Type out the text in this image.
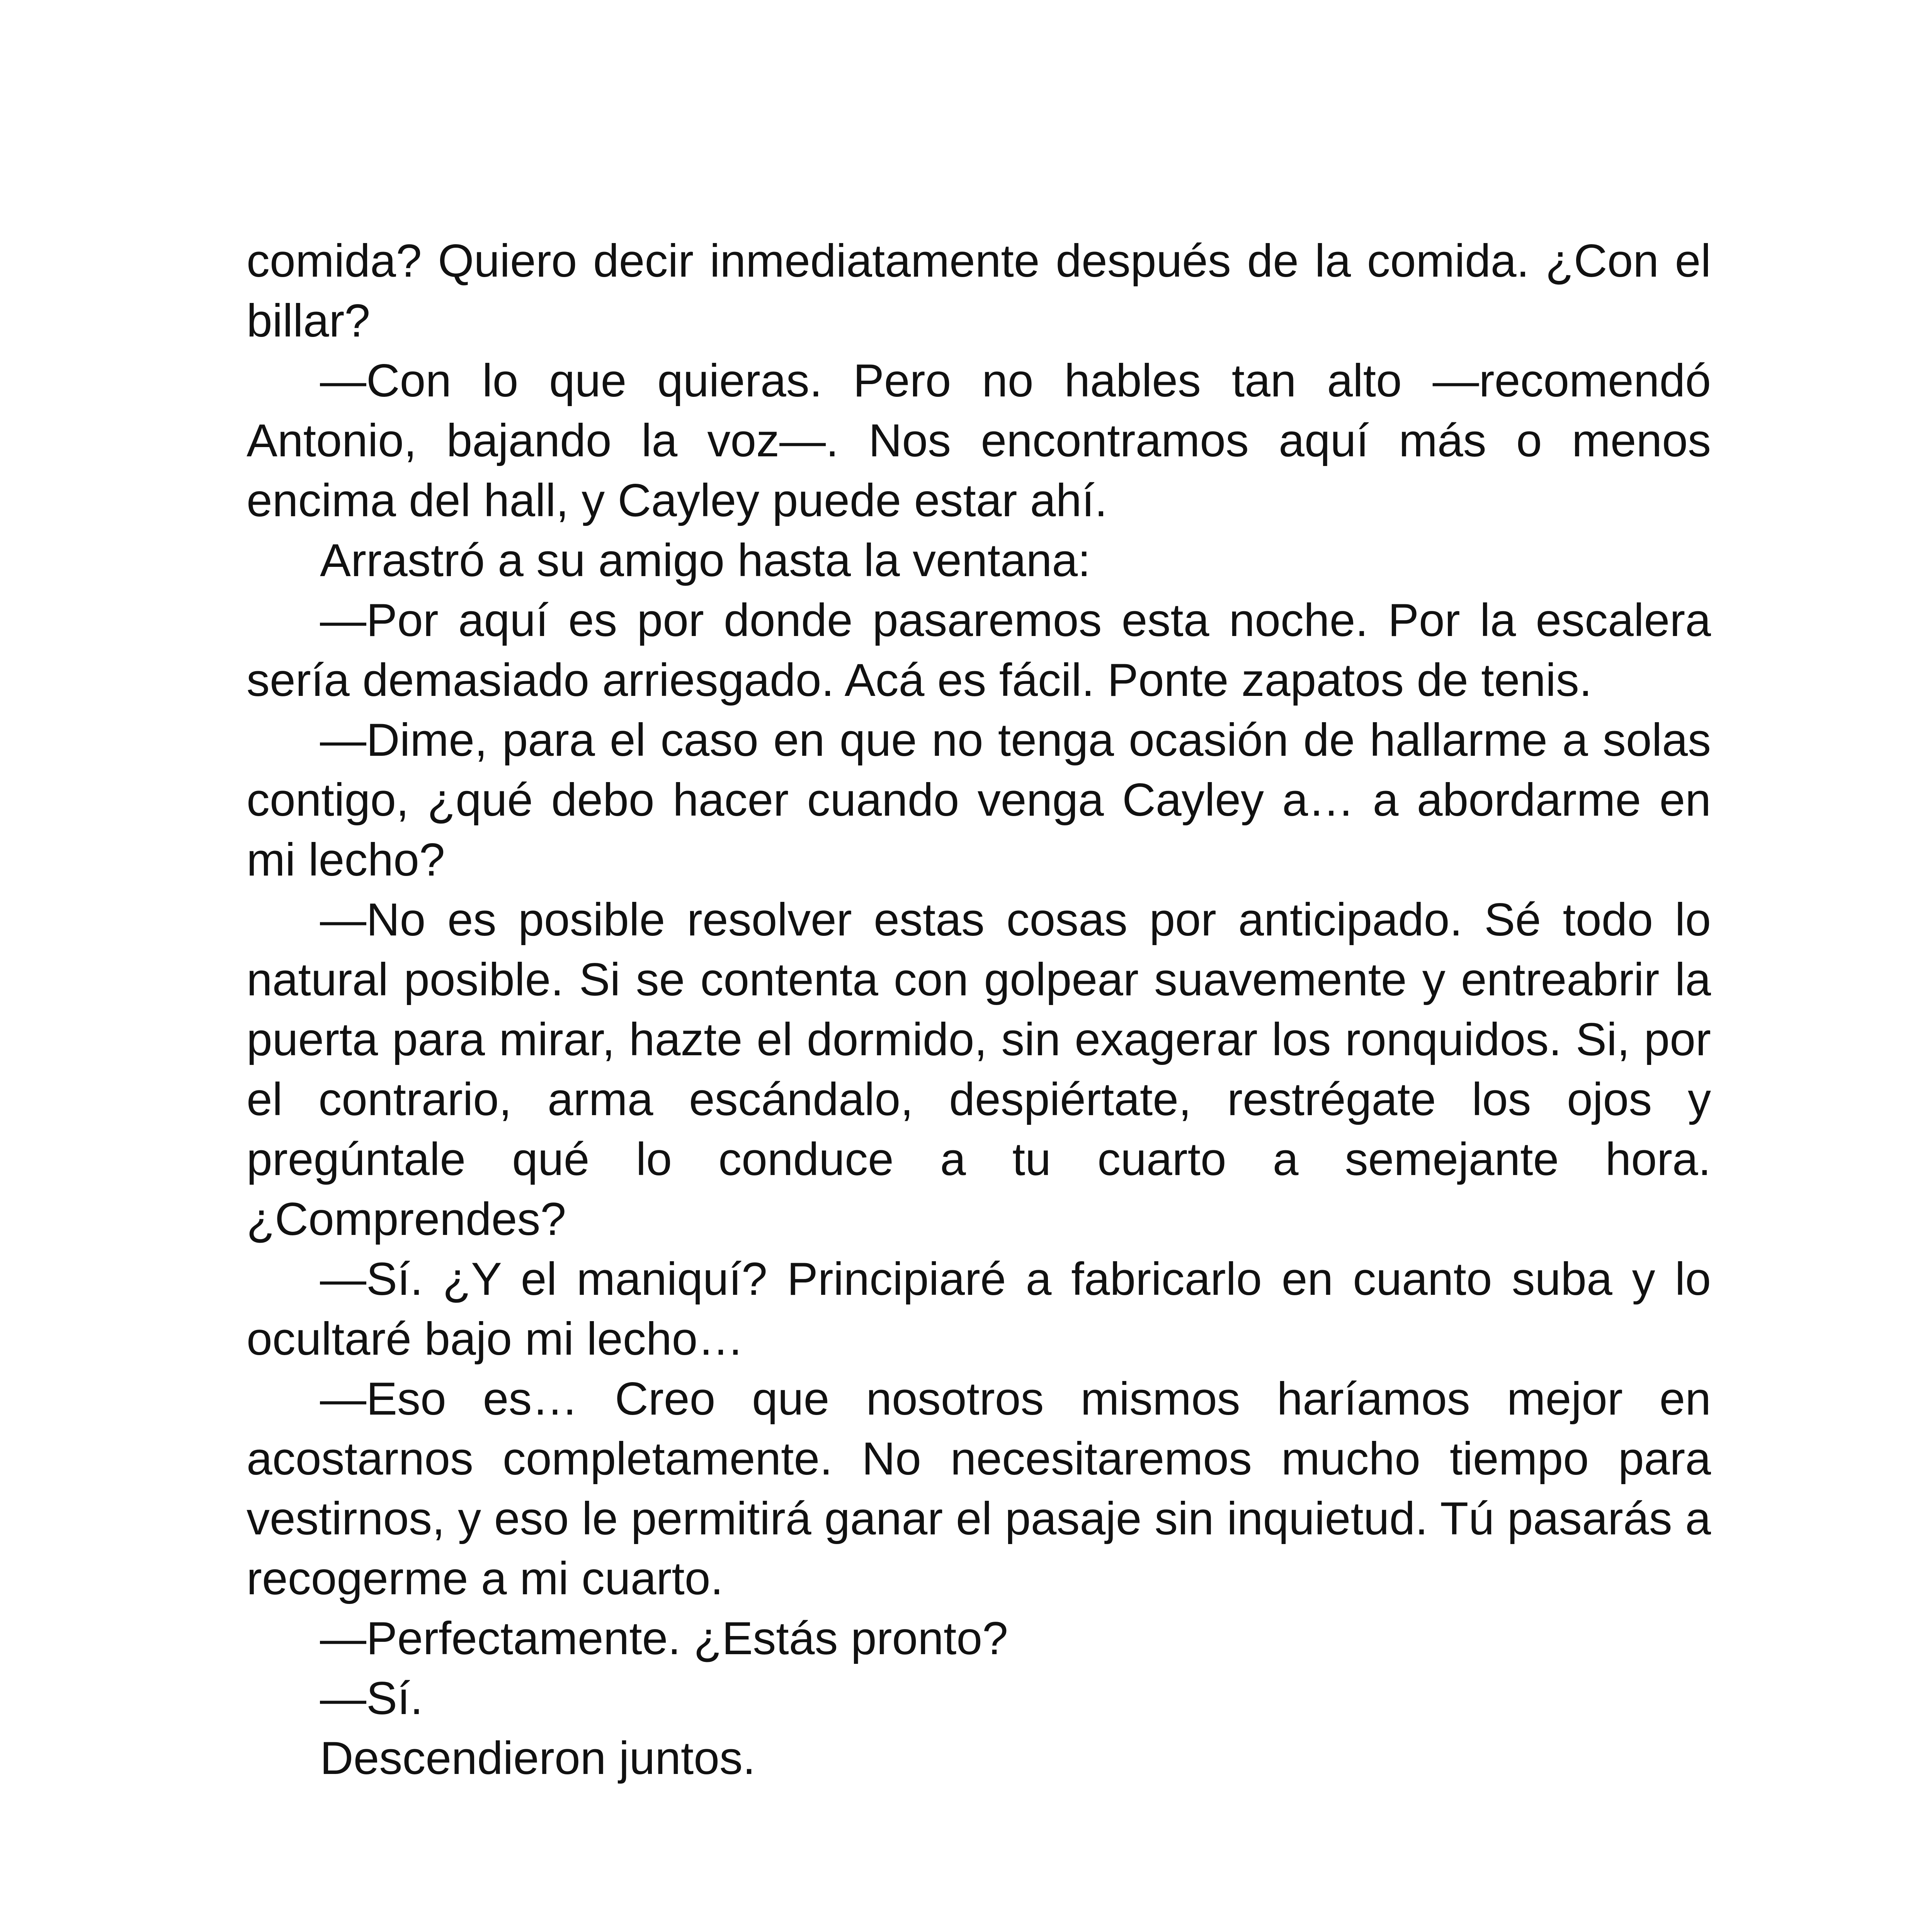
comida? Quiero decir inmediatamente después de la comida. ¿Con el billar?

—Con lo que quieras. Pero no hables tan alto —recomendó Antonio, bajando la voz—. Nos encontramos aquí más o menos encima del hall, y Cayley puede estar ahí.

Arrastró a su amigo hasta la ventana:

—Por aquí es por donde pasaremos esta noche. Por la escalera sería demasiado arriesgado. Acá es fácil. Ponte zapatos de tenis.

—Dime, para el caso en que no tenga ocasión de hallarme a solas contigo, ¿qué debo hacer cuando venga Cayley a… a abordarme en mi lecho?

—No es posible resolver estas cosas por anticipado. Sé todo lo natural posible. Si se contenta con golpear suavemente y entreabrir la puerta para mirar, hazte el dormido, sin exagerar los ronquidos. Si, por el contrario, arma escándalo, despiértate, restrégate los ojos y pregúntale qué lo conduce a tu cuarto a semejante hora. ¿Comprendes?

—Sí. ¿Y el maniquí? Principiaré a fabricarlo en cuanto suba y lo ocultaré bajo mi lecho…

—Eso es… Creo que nosotros mismos haríamos mejor en acostarnos completamente. No necesitaremos mucho tiempo para vestirnos, y eso le permitirá ganar el pasaje sin inquietud. Tú pasarás a recogerme a mi cuarto.

—Perfectamente. ¿Estás pronto?

—Sí.

Descendieron juntos.
